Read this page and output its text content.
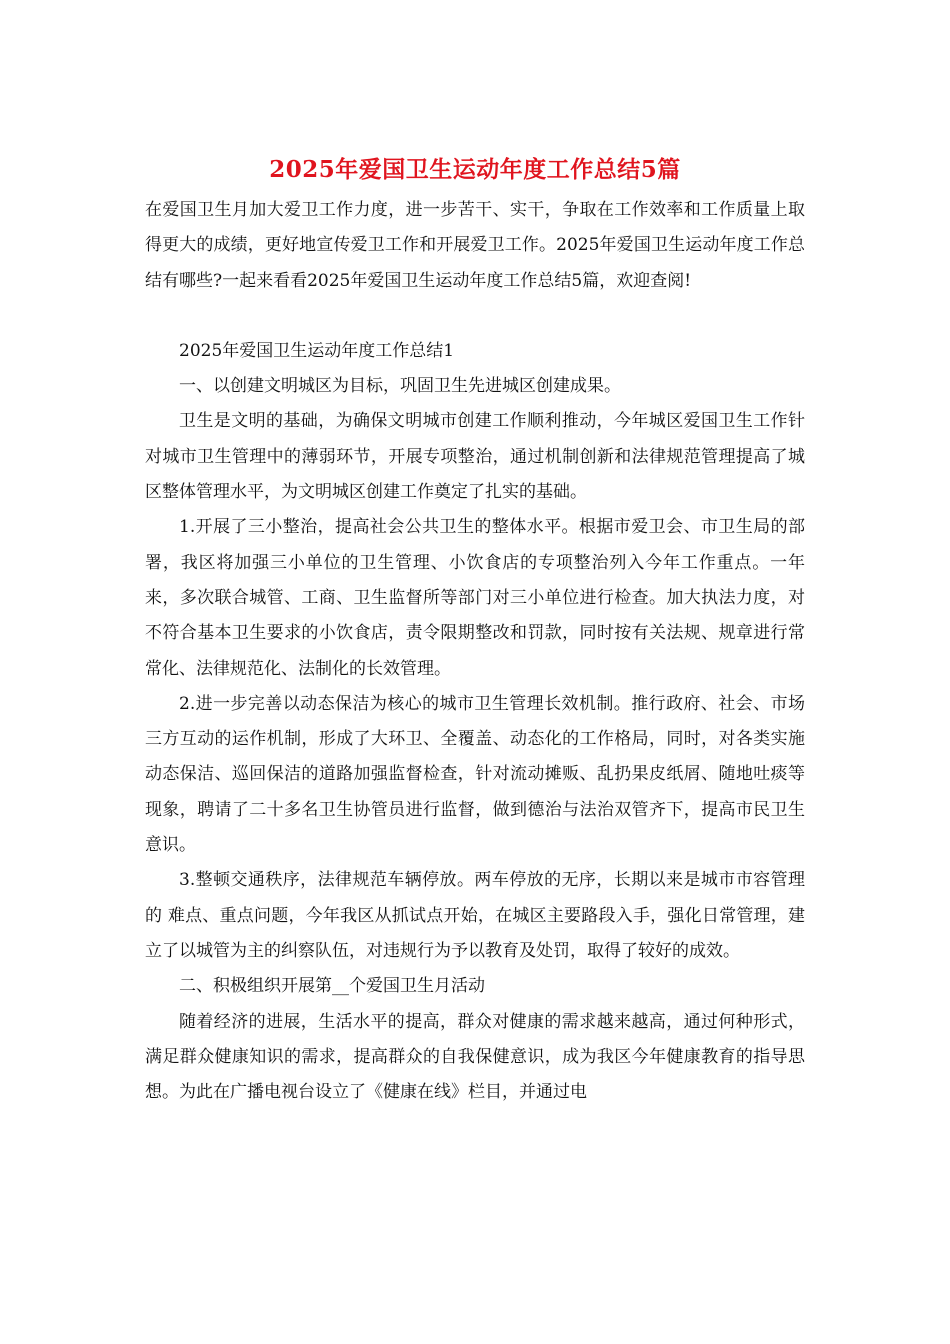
2025年爱国卫生运动年度工作总结5篇

在爱国卫生月加大爱卫工作力度，进一步苦干、实干，争取在工作效率和工作质量上取得更大的成绩，更好地宣传爱卫工作和开展爱卫工作。2025年爱国卫生运动年度工作总结有哪些?一起来看看2025年爱国卫生运动年度工作总结5篇，欢迎查阅!

2025年爱国卫生运动年度工作总结1

一、以创建文明城区为目标，巩固卫生先进城区创建成果。

卫生是文明的基础，为确保文明城市创建工作顺利推动，今年城区爱国卫生工作针对城市卫生管理中的薄弱环节，开展专项整治，通过机制创新和法律规范管理提高了城区整体管理水平，为文明城区创建工作奠定了扎实的基础。

1.开展了三小整治，提高社会公共卫生的整体水平。根据市爱卫会、市卫生局的部署，我区将加强三小单位的卫生管理、小饮食店的专项整治列入今年工作重点。一年来，多次联合城管、工商、卫生监督所等部门对三小单位进行检查。加大执法力度，对不符合基本卫生要求的小饮食店，责令限期整改和罚款，同时按有关法规、规章进行常常化、法律规范化、法制化的长效管理。

2.进一步完善以动态保洁为核心的城市卫生管理长效机制。推行政府、社会、市场三方互动的运作机制，形成了大环卫、全覆盖、动态化的工作格局，同时，对各类实施动态保洁、巡回保洁的道路加强监督检查，针对流动摊贩、乱扔果皮纸屑、随地吐痰等现象，聘请了二十多名卫生协管员进行监督，做到德治与法治双管齐下，提高市民卫生意识。

3.整顿交通秩序，法律规范车辆停放。两车停放的无序，长期以来是城市市容管理的 难点、重点问题，今年我区从抓试点开始，在城区主要路段入手，强化日常管理，建立了以城管为主的纠察队伍，对违规行为予以教育及处罚，取得了较好的成效。

二、积极组织开展第__个爱国卫生月活动

随着经济的进展，生活水平的提高，群众对健康的需求越来越高，通过何种形式，满足群众健康知识的需求，提高群众的自我保健意识，成为我区今年健康教育的指导思想。为此在广播电视台设立了《健康在线》栏目，并通过电
